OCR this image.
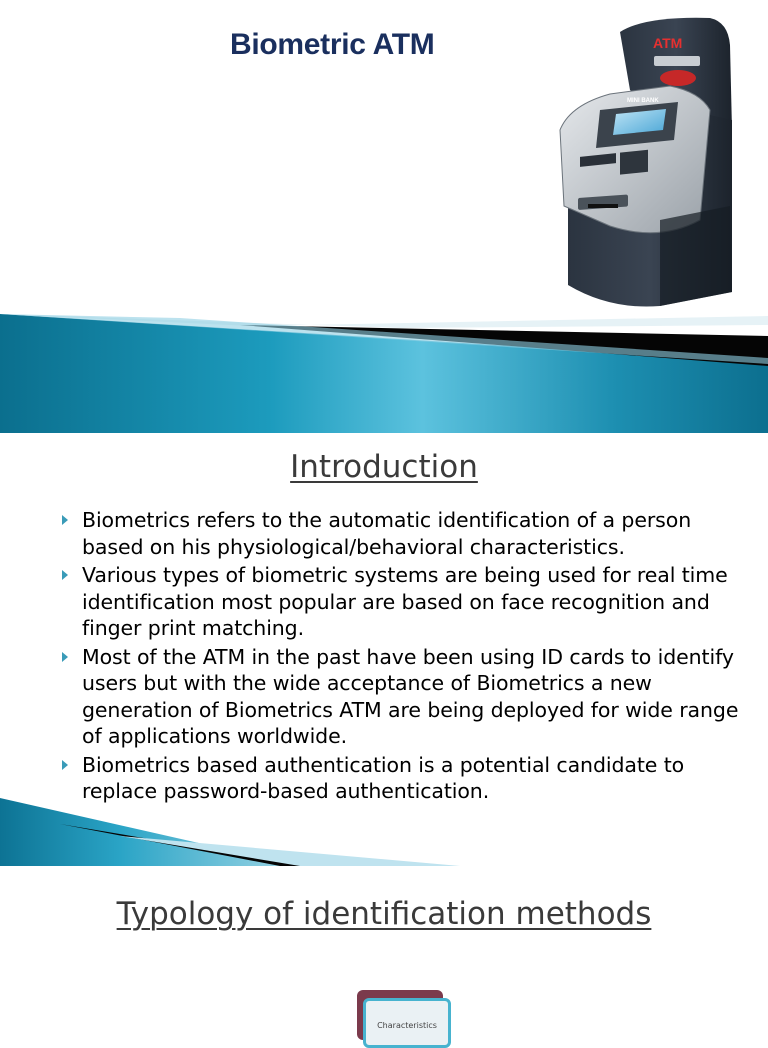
Biometric ATM	ATM
MINI BANK
Introduction
Biometrics refers to the automatic identification of a person based on his physiological/behavioral characteristics.
Various types of biometric systems are being used for real time identification most popular are based on face recognition and finger print matching.
Most of the ATM in the past have been using ID cards to identify users but with the wide acceptance of Biometrics a new generation of Biometrics ATM are being deployed for wide range of applications worldwide.
Biometrics based authentication is a potential candidate to replace password-based authentication.
Typology of identification methods
Characteristics
